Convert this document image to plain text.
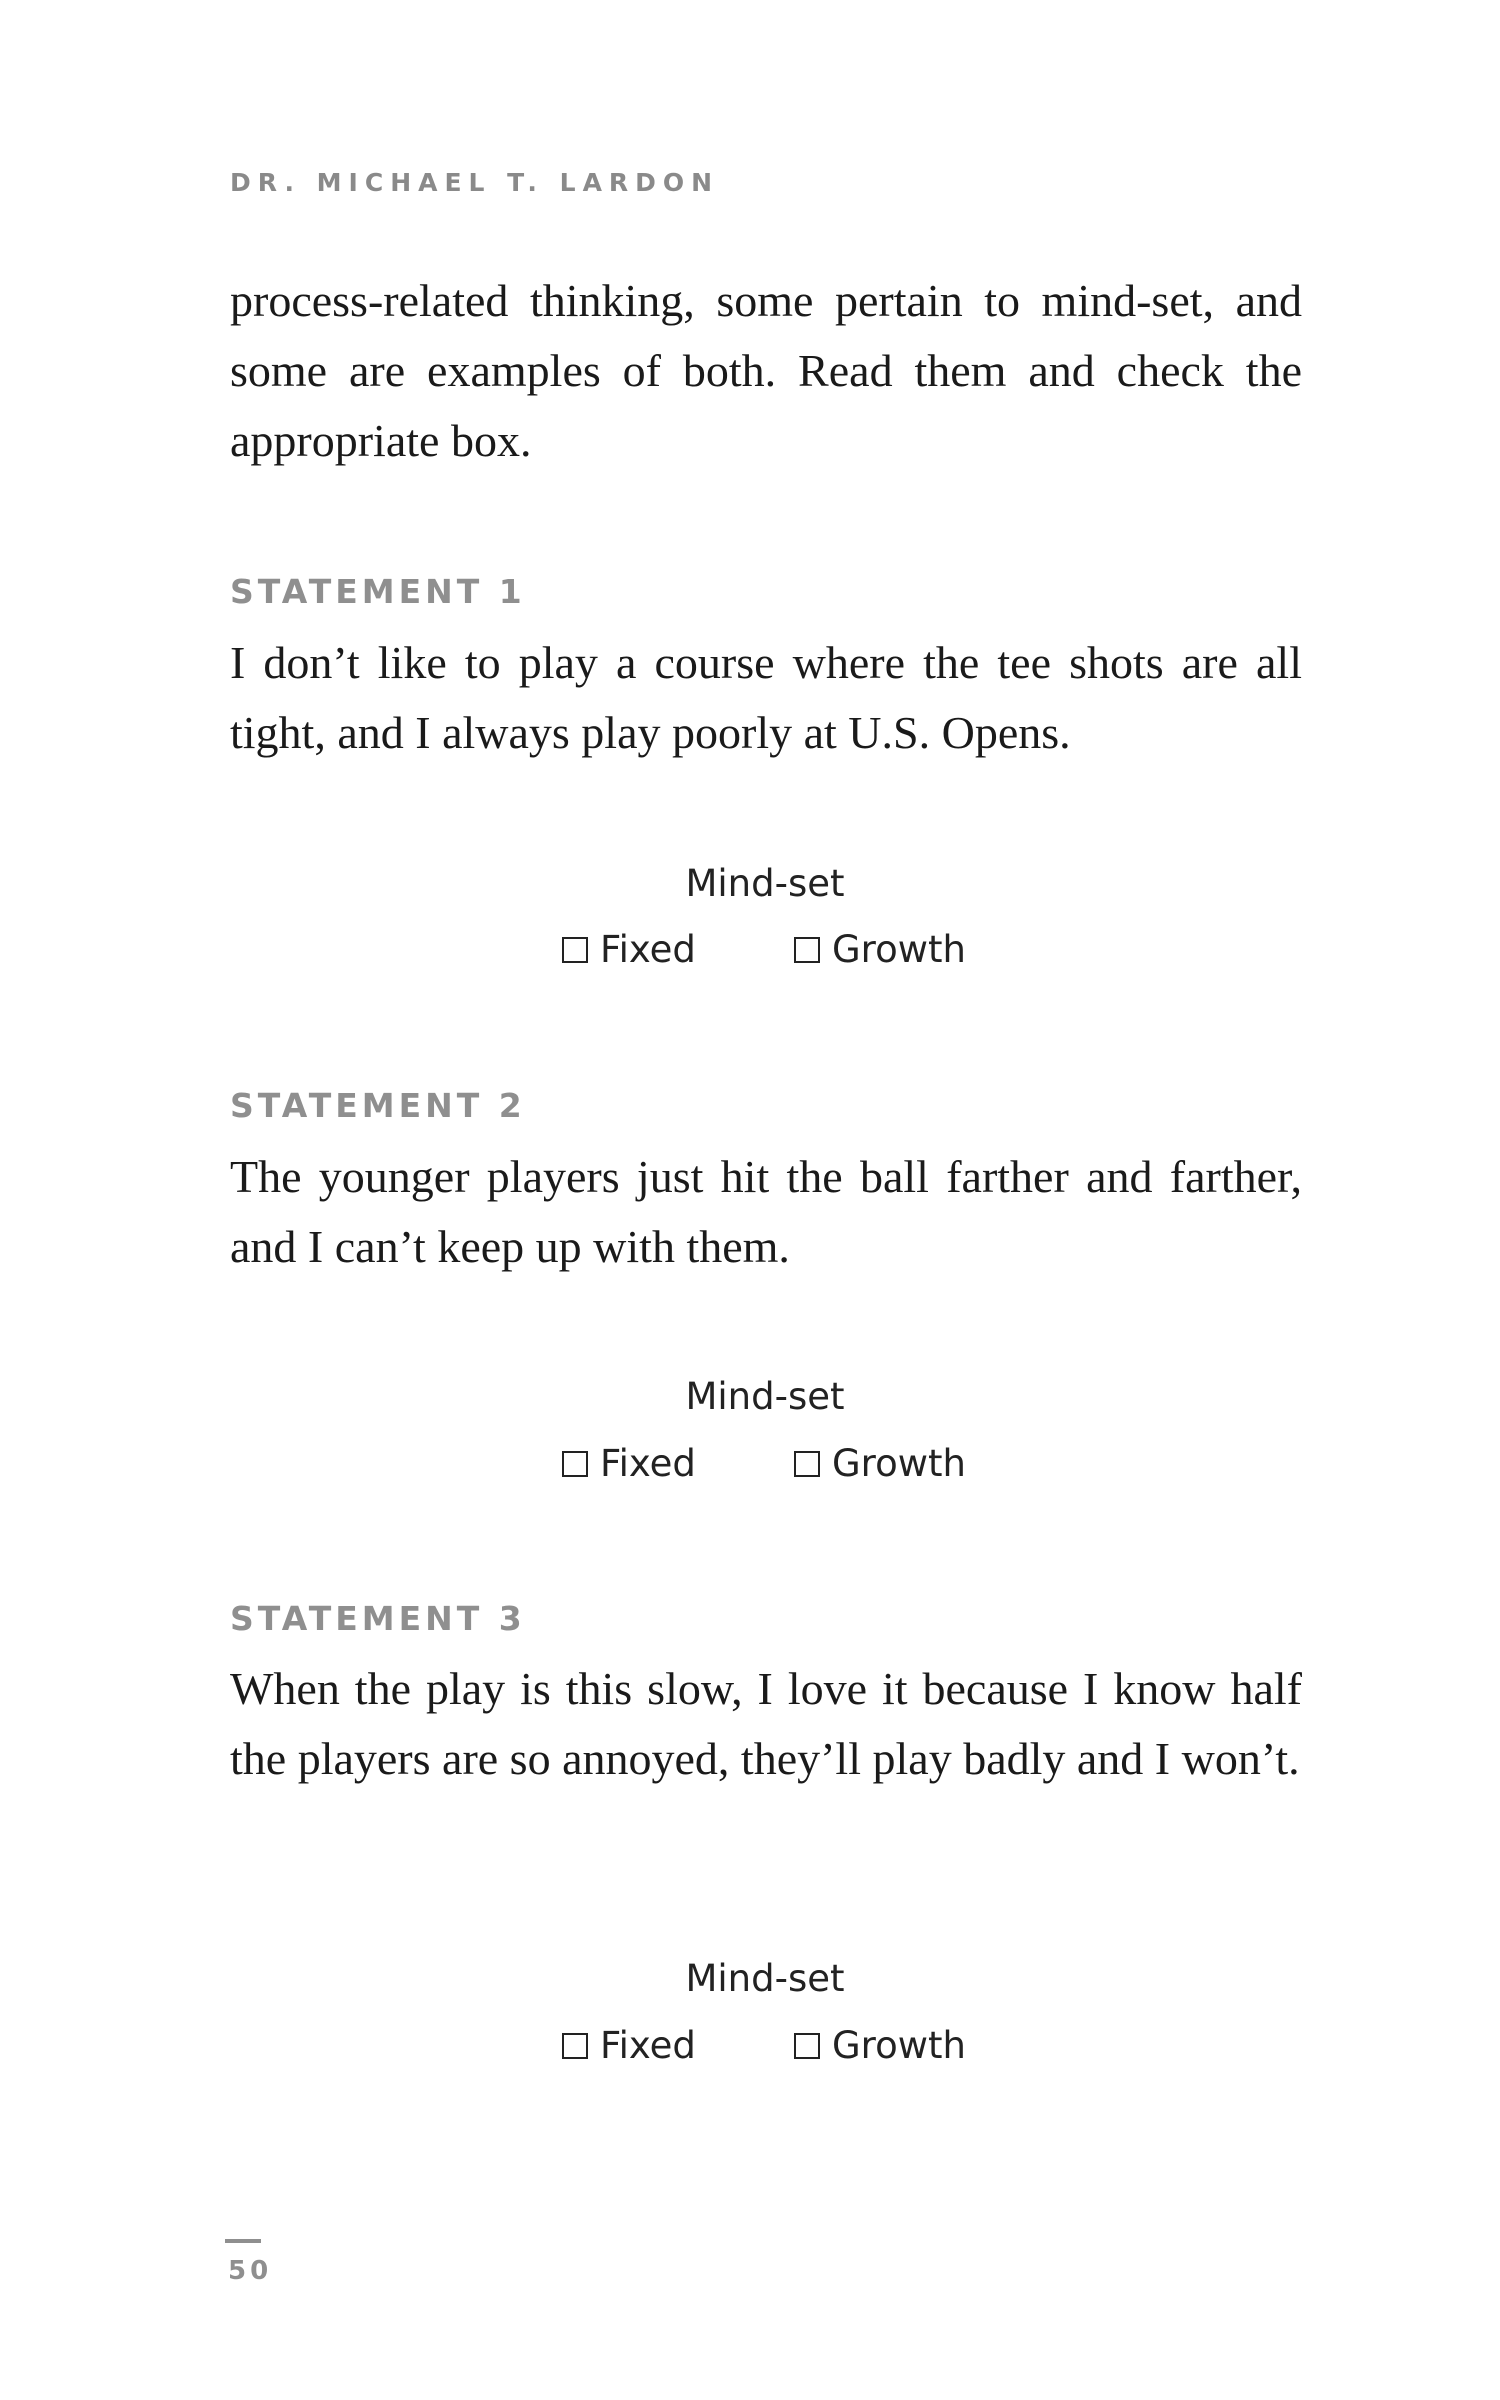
DR. MICHAEL T. LARDON

process-related thinking, some pertain to mind-set, and some are examples of both. Read them and check the appropriate box.

STATEMENT 1

I don’t like to play a course where the tee shots are all tight, and I always play poorly at U.S. Opens.

Mind-set
Fixed	Growth
STATEMENT 2

The younger players just hit the ball farther and farther, and I can’t keep up with them.

Mind-set
Fixed	Growth
STATEMENT 3

When the play is this slow, I love it because I know half the players are so annoyed, they’ll play badly and I won’t.

Mind-set
Fixed	Growth
50
